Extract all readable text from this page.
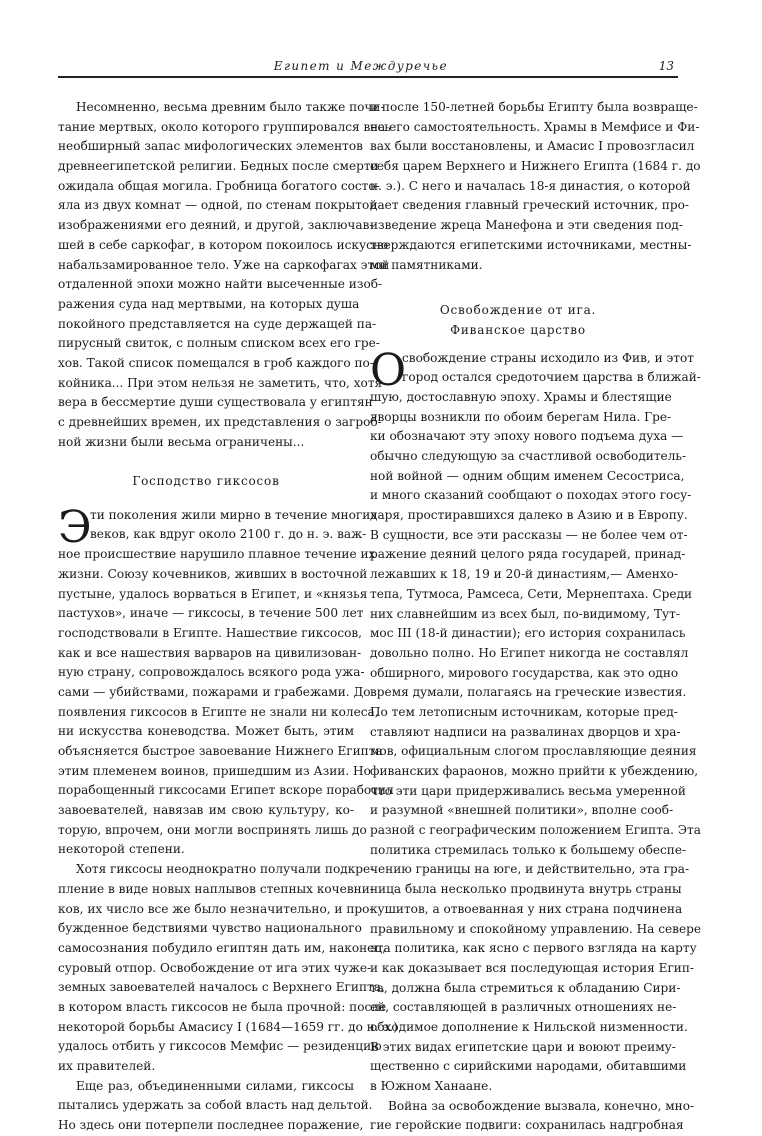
Египет и Междуречье	13
Несомненно, весьма древним было также почи-
тание мертвых, около которого группировался весь
необширный запас мифологических элементов
древнеегипетской религии. Бедных после смерти
ожидала общая могила. Гробница богатого состо-
яла из двух комнат — одной, по стенам покрытой
изображениями его деяний, и другой, заключав-
шей в себе саркофаг, в котором покоилось искусно
набальзамированное тело. Уже на саркофагах этой
отдаленной эпохи можно найти высеченные изоб-
ражения суда над мертвыми, на которых душа
покойного представляется на суде держащей па-
пирусный свиток, с полным списком всех его гре-
хов. Такой список помещался в гроб каждого по-
койника... При этом нельзя не заметить, что, хотя
вера в бессмертие души существовала у египтян
с древнейших времен, их представления о загроб-
ной жизни были весьма ограничены...
Господство гиксосов
Э
ти поколения жили мирно в течение многих
веков, как вдруг около 2100 г. до н. э. важ-
ное происшествие нарушило плавное течение их
жизни. Союзу кочевников, живших в восточной
пустыне, удалось ворваться в Египет, и «князья
пастухов», иначе — гиксосы, в течение 500 лет
господствовали в Египте. Нашествие гиксосов,
как и все нашествия варваров на цивилизован-
ную страну, сопровождалось всякого рода ужа-
сами — убийствами, пожарами и грабежами. До
появления гиксосов в Египте не знали ни колеса,
ни искусства коневодства. Может быть, этим
объясняется быстрое завоевание Нижнего Египта
этим племенем воинов, пришедшим из Азии. Но
порабощенный гиксосами Египет вскоре поработил
завоевателей, навязав им свою культуру, ко-
торую, впрочем, они могли воспринять лишь до
некоторой степени.
Хотя гиксосы неоднократно получали подкре-
пление в виде новых наплывов степных кочевни-
ков, их число все же было незначительно, и про-
бужденное бедствиями чувство национального
самосознания побудило египтян дать им, наконец,
суровый отпор. Освобождение от ига этих чуже-
земных завоевателей началось с Верхнего Египта,
в котором власть гиксосов не была прочной: после
некоторой борьбы Амасису I (1684—1659 гг. до н. э.)
удалось отбить у гиксосов Мемфис — резиденцию
их правителей.
Еще раз, объединенными силами, гиксосы
пытались удержать за собой власть над дельтой.
Но здесь они потерпели последнее поражение,
и после 150-летней борьбы Египту была возвраще-
на его самостоятельность. Храмы в Мемфисе и Фи-
вах были восстановлены, и Амасис I провозгласил
себя царем Верхнего и Нижнего Египта (1684 г. до
н. э.). С него и началась 18-я династия, о которой
дает сведения главный греческий источник, про-
изведение жреца Манефона и эти сведения под-
тверждаются египетскими источниками, местны-
ми памятниками.
Освобождение от ига.
Фиванское царство
О
свобождение страны исходило из Фив, и этот
город остался средоточием царства в ближай-
шую, достославную эпоху. Храмы и блестящие
дворцы возникли по обоим берегам Нила. Гре-
ки обозначают эту эпоху нового подъема духа —
обычно следующую за счастливой освободитель-
ной войной — одним общим именем Сесострисa,
и много сказаний сообщают о походах этого госу-
даря, простиравшихся далеко в Азию и в Европу.
В сущности, все эти рассказы — не более чем от-
ражение деяний целого ряда государей, принад-
лежавших к 18, 19 и 20-й династиям,— Аменхо-
тепа, Тутмоса, Рамсеса, Сети, Мернептаха. Среди
них славнейшим из всех был, по-видимому, Тут-
мос III (18-й династии); его история сохранилась
довольно полно. Но Египет никогда не составлял
обширного, мирового государства, как это одно
время думали, полагаясь на греческие известия.
По тем летописным источникам, которые пред-
ставляют надписи на развалинах дворцов и хра-
мов, официальным слогом прославляющие деяния
фиванских фараонов, можно прийти к убеждению,
что эти цари придерживались весьма умеренной
и разумной «внешней политики», вполне сооб-
разной с географическим положением Египта. Эта
политика стремилась только к большему обеспе-
чению границы на юге, и действительно, эта гра-
ница была несколько продвинута внутрь страны
кушитов, а отвоеванная у них страна подчинена
правильному и спокойному управлению. На севере
эта политика, как ясно с первого взгляда на карту
и как доказывает вся последующая история Егип-
та, должна была стремиться к обладанию Сири-
ей, составляющей в различных отношениях не-
обходимое дополнение к Нильской низменности.
В этих видах египетские цари и воюют преиму-
щественно с сирийскими народами, обитавшими
в Южном Ханаане.
Война за освобождение вызвала, конечно, мно-
гие геройские подвиги: сохранилась надгробная
